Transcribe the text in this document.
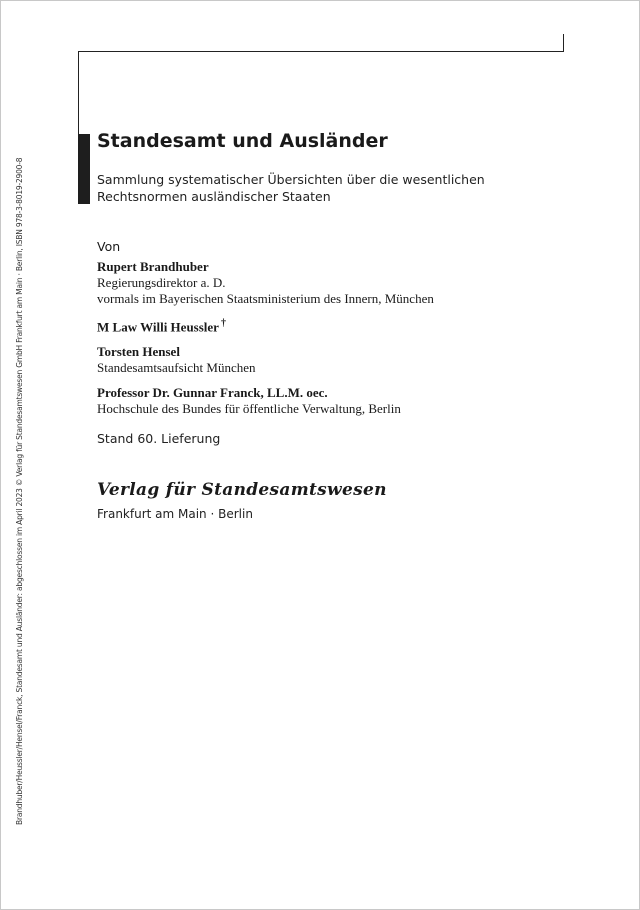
Brandhuber/Heussler/Hensel/Franck, Standesamt und Ausländer: abgeschlossen im April 2023 © Verlag für Standesamtswesen GmbH Frankfurt am Main · Berlin, ISBN 978-3-8019-2900-8
Standesamt und Ausländer
Sammlung systematischer Übersichten über die wesentlichen Rechtsnormen ausländischer Staaten
Von
Rupert Brandhuber
Regierungsdirektor a. D.
vormals im Bayerischen Staatsministerium des Innern, München
M Law Willi Heussler †
Torsten Hensel
Standesamtsaufsicht München
Professor Dr. Gunnar Franck, LL.M. oec.
Hochschule des Bundes für öffentliche Verwaltung, Berlin
Stand 60. Lieferung
Verlag für Standesamtswesen
Frankfurt am Main · Berlin
